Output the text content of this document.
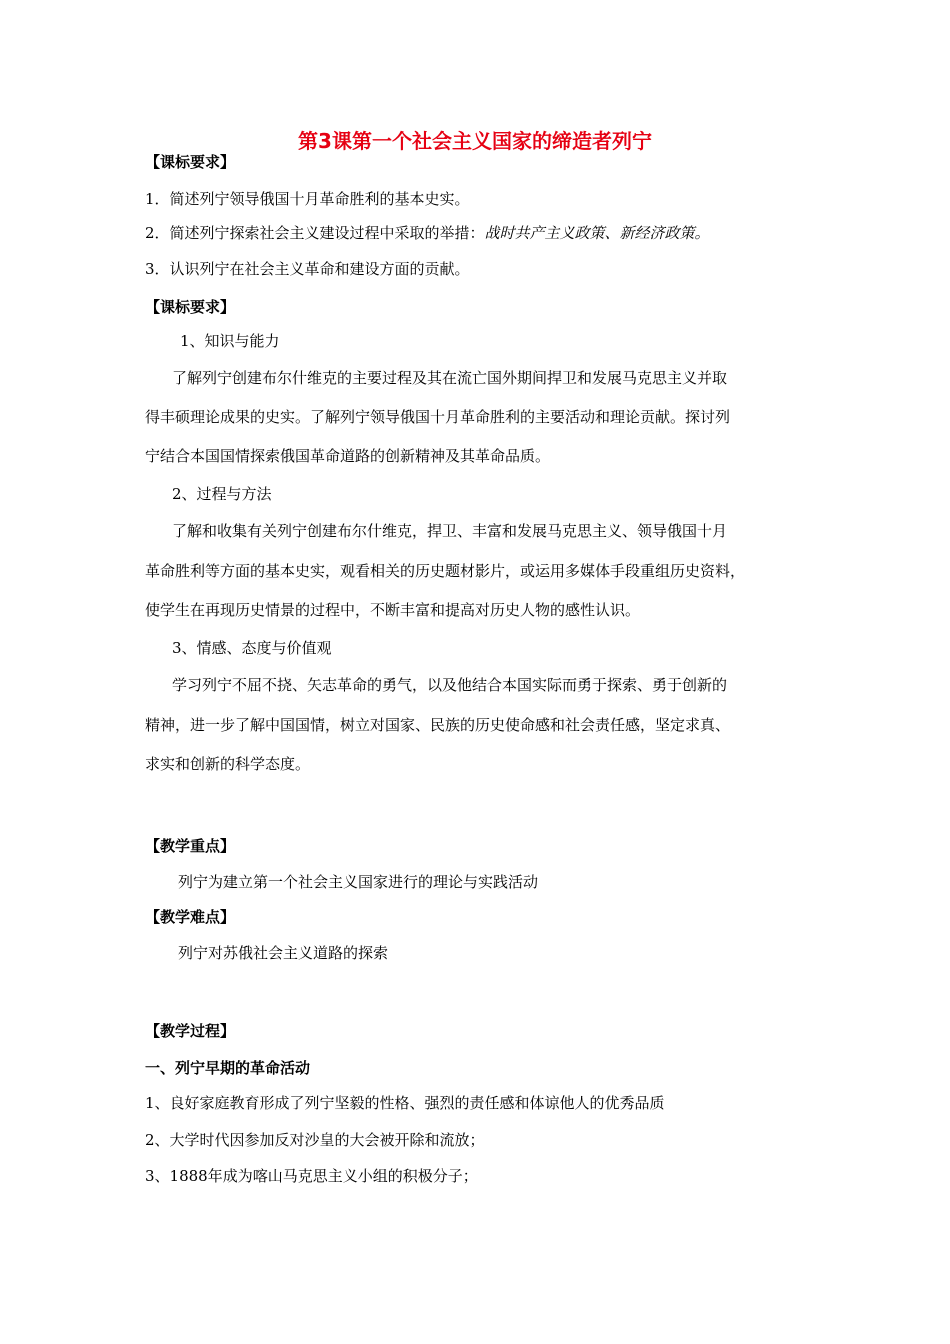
第3课第一个社会主义国家的缔造者列宁
【课标要求】
1．简述列宁领导俄国十月革命胜利的基本史实。
2．简述列宁探索社会主义建设过程中采取的举措：战时共产主义政策、新经济政策。
3．认识列宁在社会主义革命和建设方面的贡献。
【课标要求】
1、知识与能力
了解列宁创建布尔什维克的主要过程及其在流亡国外期间捍卫和发展马克思主义并取
得丰硕理论成果的史实。了解列宁领导俄国十月革命胜利的主要活动和理论贡献。探讨列
宁结合本国国情探索俄国革命道路的创新精神及其革命品质。
2、过程与方法
了解和收集有关列宁创建布尔什维克，捍卫、丰富和发展马克思主义、领导俄国十月
革命胜利等方面的基本史实，观看相关的历史题材影片，或运用多媒体手段重组历史资料，
使学生在再现历史情景的过程中，不断丰富和提高对历史人物的感性认识。
3、情感、态度与价值观
学习列宁不屈不挠、矢志革命的勇气，以及他结合本国实际而勇于探索、勇于创新的
精神，进一步了解中国国情，树立对国家、民族的历史使命感和社会责任感，坚定求真、
求实和创新的科学态度。
【教学重点】
列宁为建立第一个社会主义国家进行的理论与实践活动
【教学难点】
列宁对苏俄社会主义道路的探索
【教学过程】
一、列宁早期的革命活动
1、良好家庭教育形成了列宁坚毅的性格、强烈的责任感和体谅他人的优秀品质
2、大学时代因参加反对沙皇的大会被开除和流放；
3、1888年成为喀山马克思主义小组的积极分子；
